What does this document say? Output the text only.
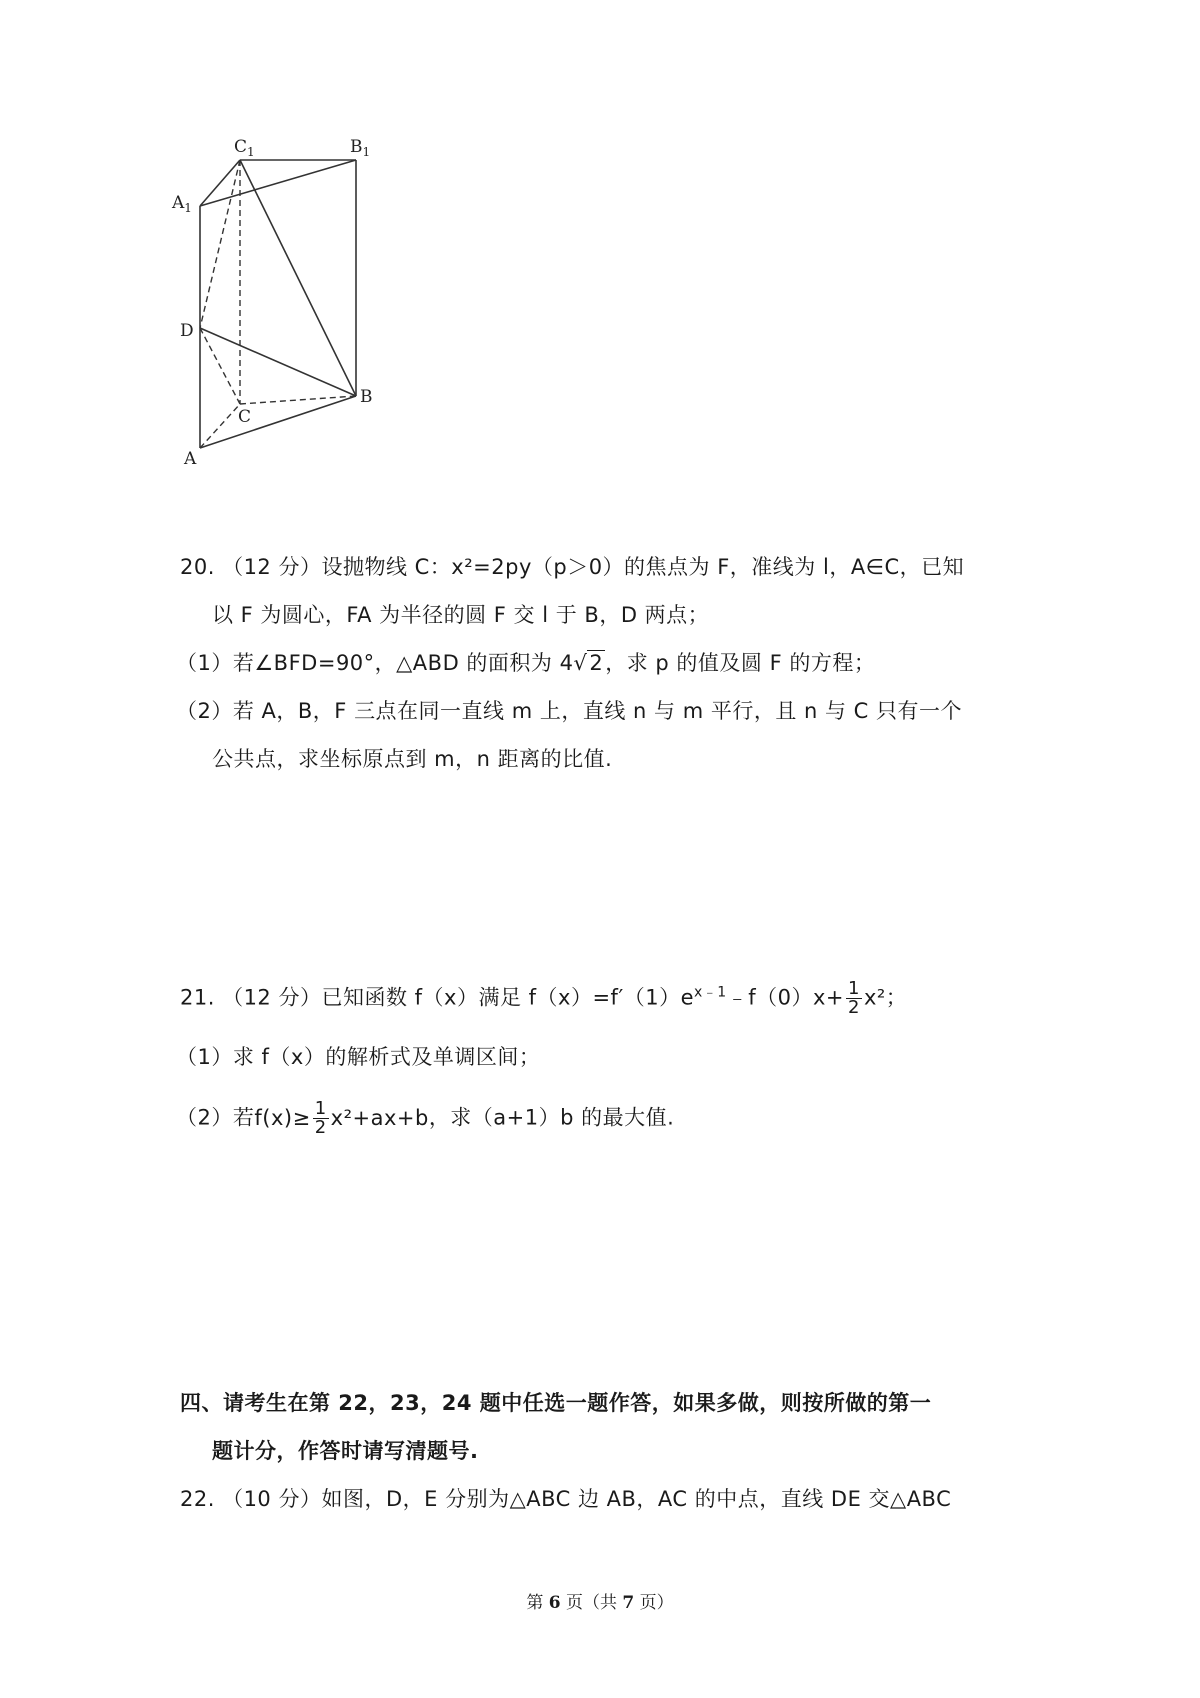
$C_1$	$B_1$
$A_1$
D
C
B
A
20. （12 分）设抛物线 C：x²=2py（p＞0）的焦点为 F，准线为 l，A∈C，已知
以 F 为圆心，FA 为半径的圆 F 交 l 于 B，D 两点；
（1）若∠BFD=90°，△ABD 的面积为 4√2，求 p 的值及圆 F 的方程；
（2）若 A，B，F 三点在同一直线 m 上，直线 n 与 m 平行，且 n 与 C 只有一个
公共点，求坐标原点到 m，n 距离的比值.
21. （12 分）已知函数 f（x）满足 $f(x)=f'(1)e^{x﹣1}﹣f(0)x+ \frac{1}{2} x^2$；
（1）求 f（x）的解析式及单调区间；
（2）若$f(x)\ge \frac{1}{2} x^2+ax+b$，求（a+1）b 的最大值.
四、请考生在第 22，23，24 题中任选一题作答，如果多做，则按所做的第一
题计分，作答时请写清题号.
22. （10 分）如图，D，E 分别为△ABC 边 AB，AC 的中点，直线 DE 交△ABC
第 6 页（共 7 页）
